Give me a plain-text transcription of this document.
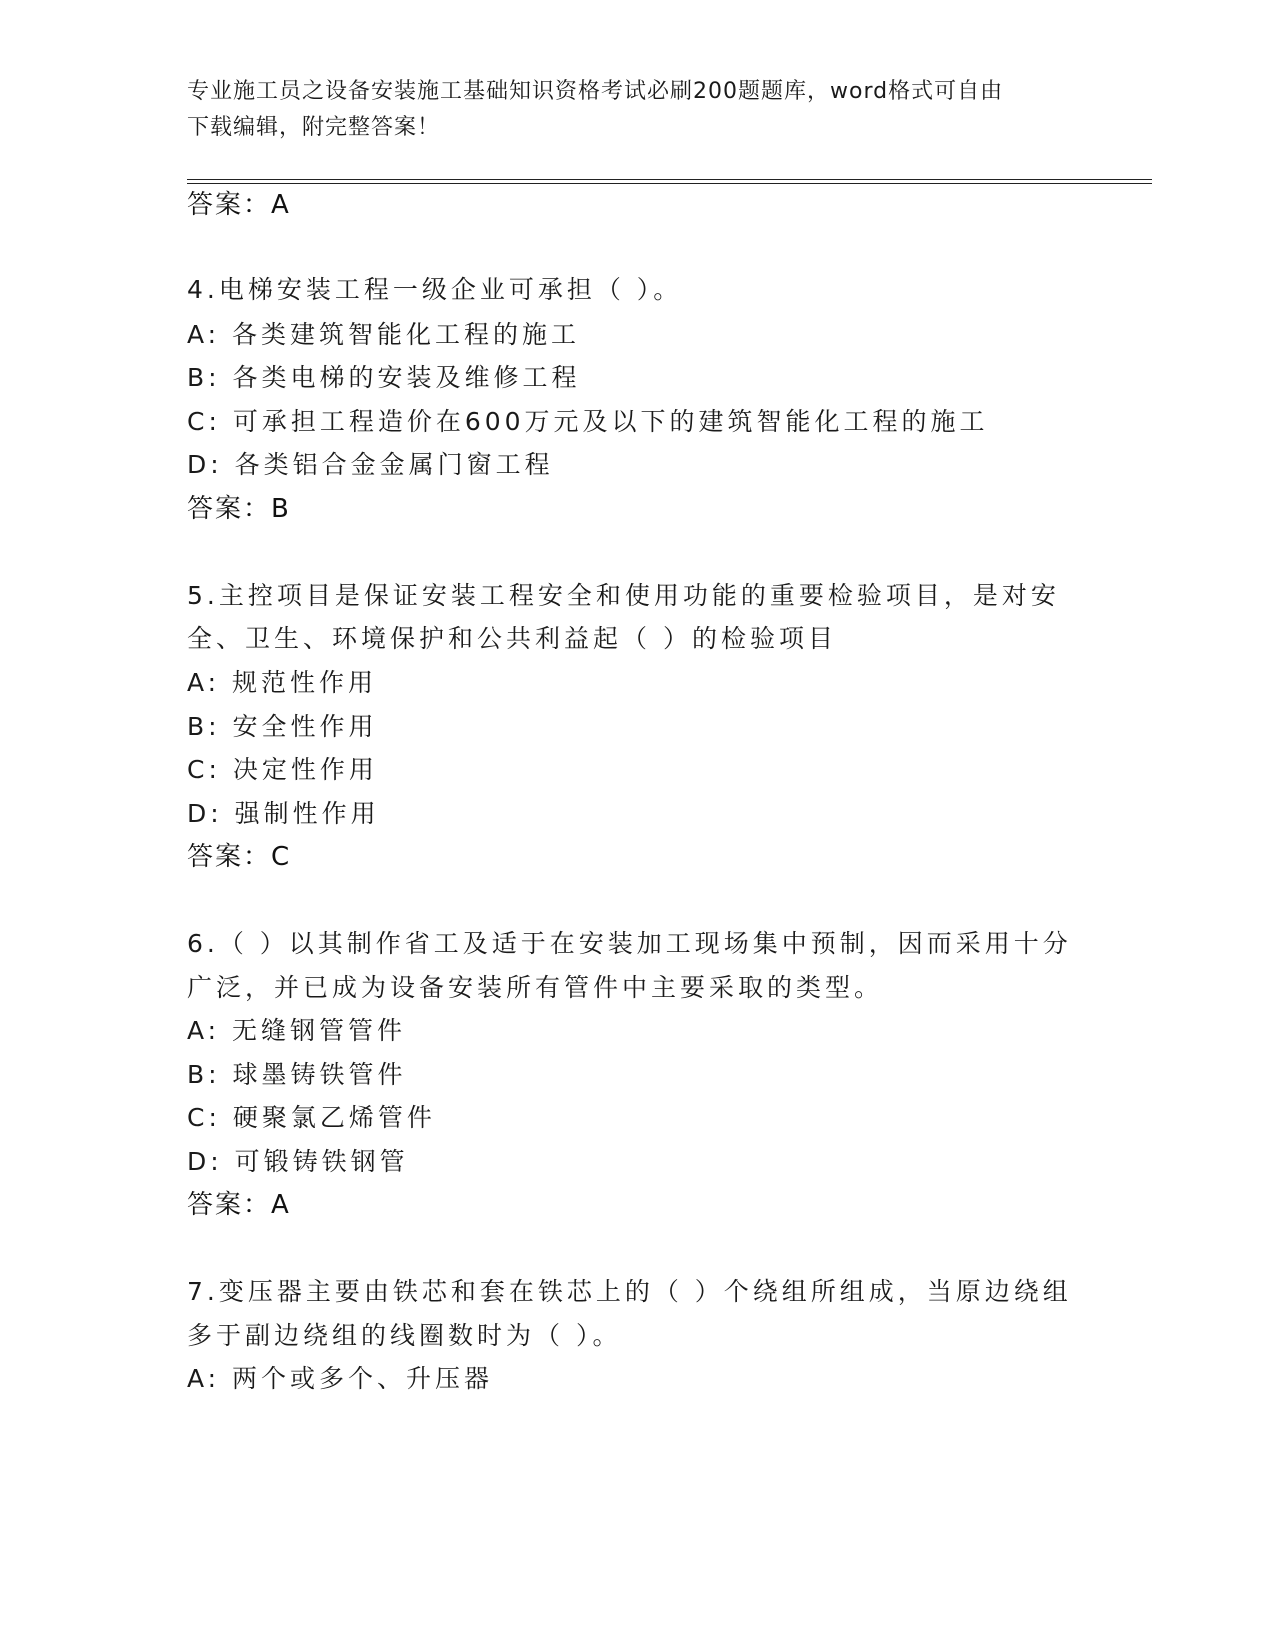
专业施工员之设备安装施工基础知识资格考试必刷200题题库，word格式可自由
下载编辑，附完整答案！
答案：A
4.电梯安装工程一级企业可承担（ ）。
A: 各类建筑智能化工程的施工
B: 各类电梯的安装及维修工程
C: 可承担工程造价在600万元及以下的建筑智能化工程的施工
D: 各类铝合金金属门窗工程
答案：B
5.主控项目是保证安装工程安全和使用功能的重要检验项目，是对安
全、卫生、环境保护和公共利益起（ ）的检验项目
A: 规范性作用
B: 安全性作用
C: 决定性作用
D: 强制性作用
答案：C
6.（ ）以其制作省工及适于在安装加工现场集中预制，因而采用十分
广泛，并已成为设备安装所有管件中主要采取的类型。
A: 无缝钢管管件
B: 球墨铸铁管件
C: 硬聚氯乙烯管件
D: 可锻铸铁钢管
答案：A
7.变压器主要由铁芯和套在铁芯上的（ ）个绕组所组成，当原边绕组
多于副边绕组的线圈数时为（ ）。
A: 两个或多个、升压器
